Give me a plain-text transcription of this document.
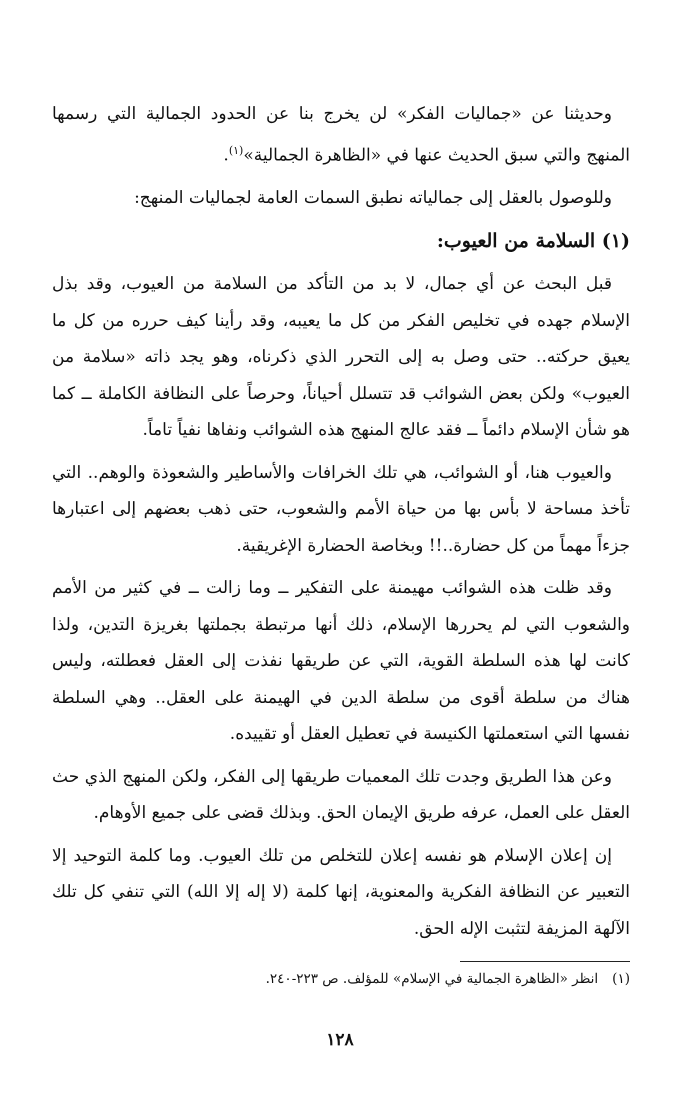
وحديثنا عن «جماليات الفكر» لن يخرج بنا عن الحدود الجمالية التي رسمها المنهج والتي سبق الحديث عنها في «الظاهرة الجمالية»$^{(١)}$.

وللوصول بالعقل إلى جمالياته نطبق السمات العامة لجماليات المنهج:

(١) السلامة من العيوب:

قبل البحث عن أي جمال، لا بد من التأكد من السلامة من العيوب، وقد بذل الإسلام جهده في تخليص الفكر من كل ما يعيبه، وقد رأينا كيف حرره من كل ما يعيق حركته.. حتى وصل به إلى التحرر الذي ذكرناه، وهو يجد ذاته «سلامة من العيوب» ولكن بعض الشوائب قد تتسلل أحياناً، وحرصاً على النظافة الكاملة ــ كما هو شأن الإسلام دائماً ــ فقد عالج المنهج هذه الشوائب ونفاها نفياً تاماً.

والعيوب هنا، أو الشوائب، هي تلك الخرافات والأساطير والشعوذة والوهم.. التي تأخذ مساحة لا بأس بها من حياة الأمم والشعوب، حتى ذهب بعضهم إلى اعتبارها جزءاً مهماً من كل حضارة..!! وبخاصة الحضارة الإغريقية.

وقد ظلت هذه الشوائب مهيمنة على التفكير ــ وما زالت ــ في كثير من الأمم والشعوب التي لم يحررها الإسلام، ذلك أنها مرتبطة بجملتها بغريزة التدين، ولذا كانت لها هذه السلطة القوية، التي عن طريقها نفذت إلى العقل فعطلته، وليس هناك من سلطة أقوى من سلطة الدين في الهيمنة على العقل.. وهي السلطة نفسها التي استعملتها الكنيسة في تعطيل العقل أو تقييده.

وعن هذا الطريق وجدت تلك المعميات طريقها إلى الفكر، ولكن المنهج الذي حث العقل على العمل، عرفه طريق الإيمان الحق. وبذلك قضى على جميع الأوهام.

إن إعلان الإسلام هو نفسه إعلان للتخلص من تلك العيوب. وما كلمة التوحيد إلا التعبير عن النظافة الفكرية والمعنوية، إنها كلمة (لا إله إلا الله) التي تنفي كل تلك الآلهة المزيفة لتثبت الإله الحق.

(١)انظر «الظاهرة الجمالية في الإسلام» للمؤلف. ص ٢٢٣-٢٤٠.

١٢٨
